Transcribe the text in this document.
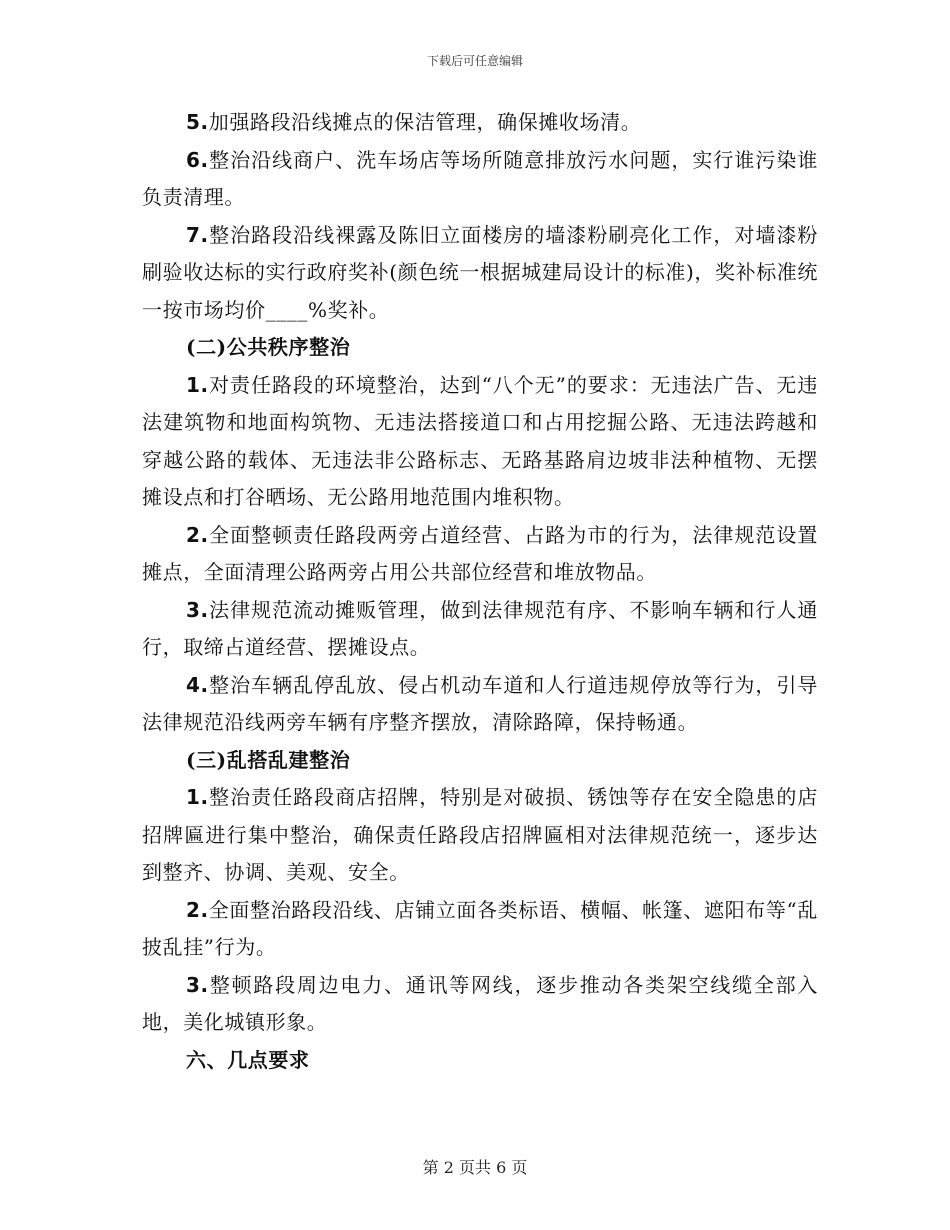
下载后可任意编辑

5.加强路段沿线摊点的保洁管理，确保摊收场清。

6.整治沿线商户、洗车场店等场所随意排放污水问题，实行谁污染谁负责清理。

7.整治路段沿线裸露及陈旧立面楼房的墙漆粉刷亮化工作，对墙漆粉刷验收达标的实行政府奖补(颜色统一根据城建局设计的标准)，奖补标准统一按市场均价____%奖补。

(二)公共秩序整治

1.对责任路段的环境整治，达到“八个无”的要求：无违法广告、无违法建筑物和地面构筑物、无违法搭接道口和占用挖掘公路、无违法跨越和穿越公路的载体、无违法非公路标志、无路基路肩边坡非法种植物、无摆摊设点和打谷晒场、无公路用地范围内堆积物。

2.全面整顿责任路段两旁占道经营、占路为市的行为，法律规范设置摊点，全面清理公路两旁占用公共部位经营和堆放物品。

3.法律规范流动摊贩管理，做到法律规范有序、不影响车辆和行人通行，取缔占道经营、摆摊设点。

4.整治车辆乱停乱放、侵占机动车道和人行道违规停放等行为，引导法律规范沿线两旁车辆有序整齐摆放，清除路障，保持畅通。

(三)乱搭乱建整治

1.整治责任路段商店招牌，特别是对破损、锈蚀等存在安全隐患的店招牌匾进行集中整治，确保责任路段店招牌匾相对法律规范统一，逐步达到整齐、协调、美观、安全。

2.全面整治路段沿线、店铺立面各类标语、横幅、帐篷、遮阳布等“乱披乱挂”行为。

3.整顿路段周边电力、通讯等网线，逐步推动各类架空线缆全部入地，美化城镇形象。

六、几点要求

第 2 页共 6 页
